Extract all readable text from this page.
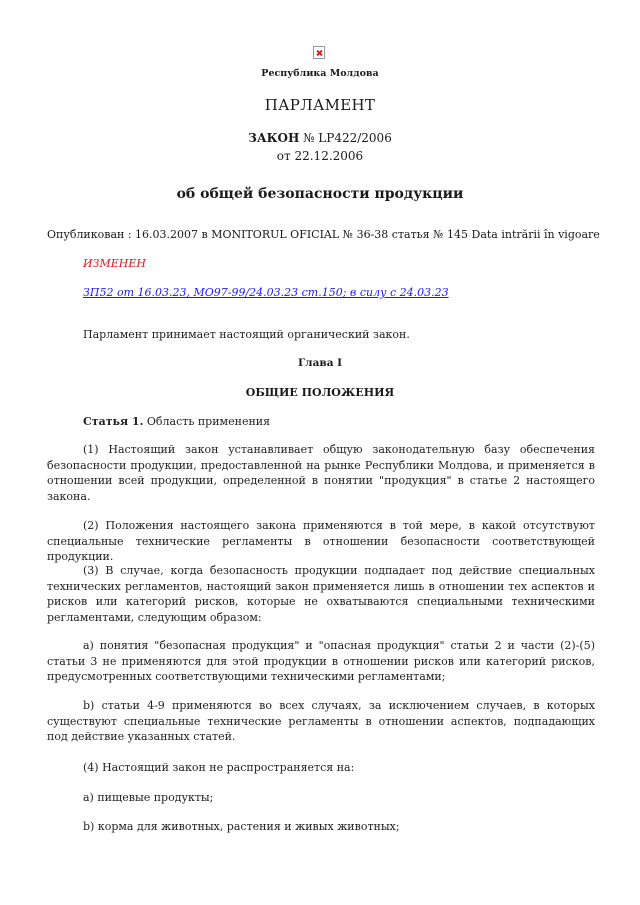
Республика Молдова
ПАРЛАМЕНТ
ЗАКОН № LP422/2006
от 22.12.2006
об общей безопасности продукции
Опубликован : 16.03.2007 в MONITORUL OFICIAL № 36-38 статья № 145 Data intrării în vigoare
ИЗМЕНЕН
ЗП52 от 16.03.23, МО97-99/24.03.23 ст.150; в силу с 24.03.23
Парламент принимает настоящий органический закон.
Глава I
ОБЩИЕ ПОЛОЖЕНИЯ
Статья 1. Область применения
(1) Настоящий закон устанавливает общую законодательную базу обеспечения безопасности продукции, предоставленной на рынке Республики Молдова, и применяется в отношении всей продукции, определенной в понятии "продукция" в статье 2 настоящего закона.
(2) Положения настоящего закона применяются в той мере, в какой отсутствуют специальные технические регламенты в отношении безопасности соответствующей продукции.
(3) В случае, когда безопасность продукции подпадает под действие специальных технических регламентов, настоящий закон применяется лишь в отношении тех аспектов и рисков или категорий рисков, которые не охватываются специальными техническими регламентами, следующим образом:
a) понятия "безопасная продукция" и "опасная продукция" статьи 2 и части (2)-(5) статьи 3 не применяются для этой продукции в отношении рисков или категорий рисков, предусмотренных соответствующими техническими регламентами;
b) статьи 4-9 применяются во всех случаях, за исключением случаев, в которых существуют специальные технические регламенты в отношении аспектов, подпадающих под действие указанных статей.
(4) Настоящий закон не распространяется на:
a) пищевые продукты;
b) корма для животных, растения и живых животных;
